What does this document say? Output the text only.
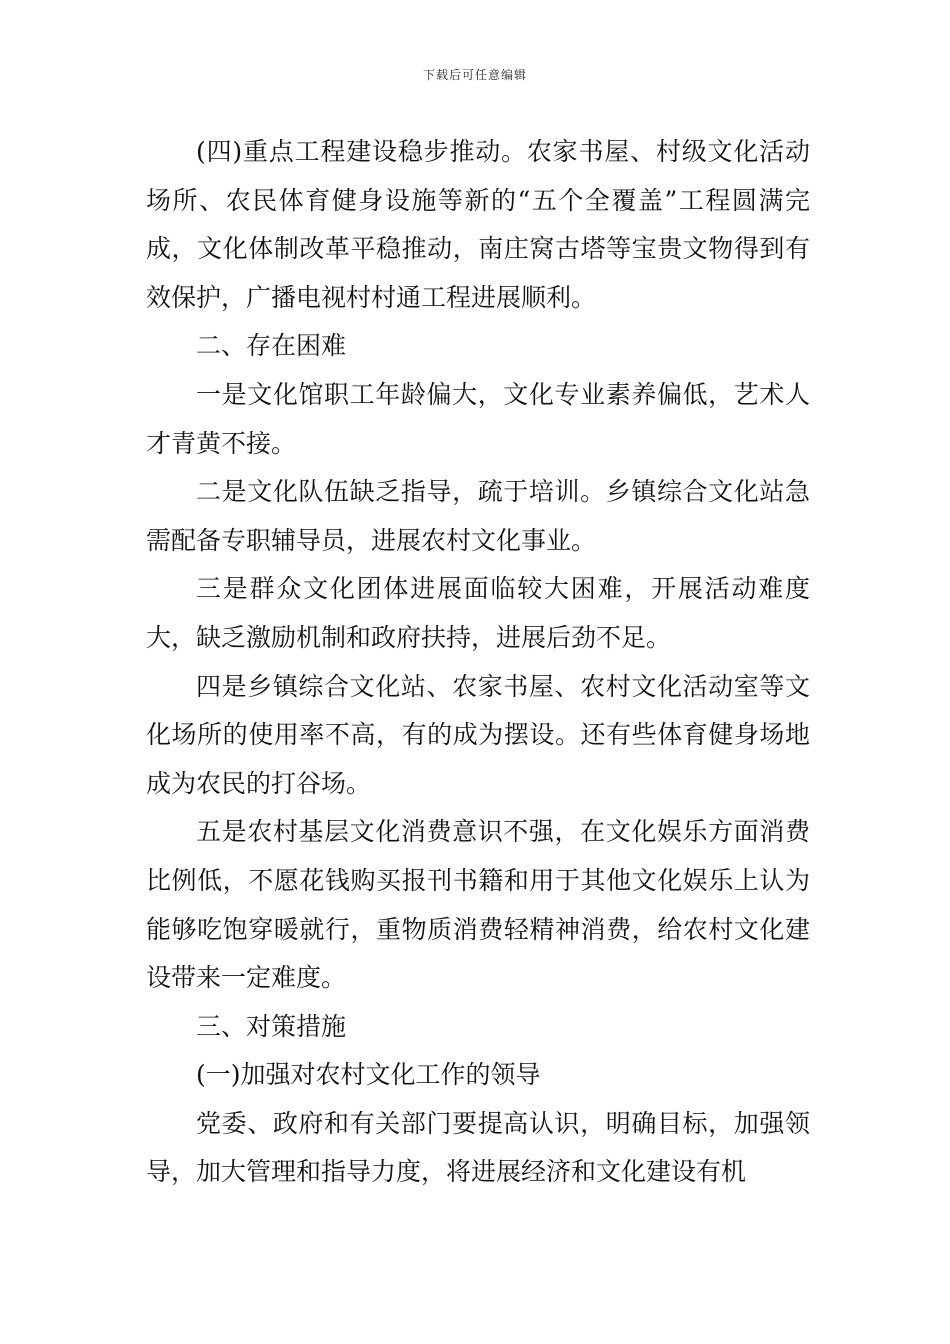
下载后可任意编辑

(四)重点工程建设稳步推动。农家书屋、村级文化活动场所、农民体育健身设施等新的“五个全覆盖”工程圆满完成，文化体制改革平稳推动，南庄窝古塔等宝贵文物得到有效保护，广播电视村村通工程进展顺利。

二、存在困难

一是文化馆职工年龄偏大，文化专业素养偏低，艺术人才青黄不接。

二是文化队伍缺乏指导，疏于培训。乡镇综合文化站急需配备专职辅导员，进展农村文化事业。

三是群众文化团体进展面临较大困难，开展活动难度大，缺乏激励机制和政府扶持，进展后劲不足。

四是乡镇综合文化站、农家书屋、农村文化活动室等文化场所的使用率不高，有的成为摆设。还有些体育健身场地成为农民的打谷场。

五是农村基层文化消费意识不强，在文化娱乐方面消费比例低，不愿花钱购买报刊书籍和用于其他文化娱乐上认为能够吃饱穿暖就行，重物质消费轻精神消费，给农村文化建设带来一定难度。

三、对策措施

(一)加强对农村文化工作的领导

党委、政府和有关部门要提高认识，明确目标，加强领导，加大管理和指导力度，将进展经济和文化建设有机
